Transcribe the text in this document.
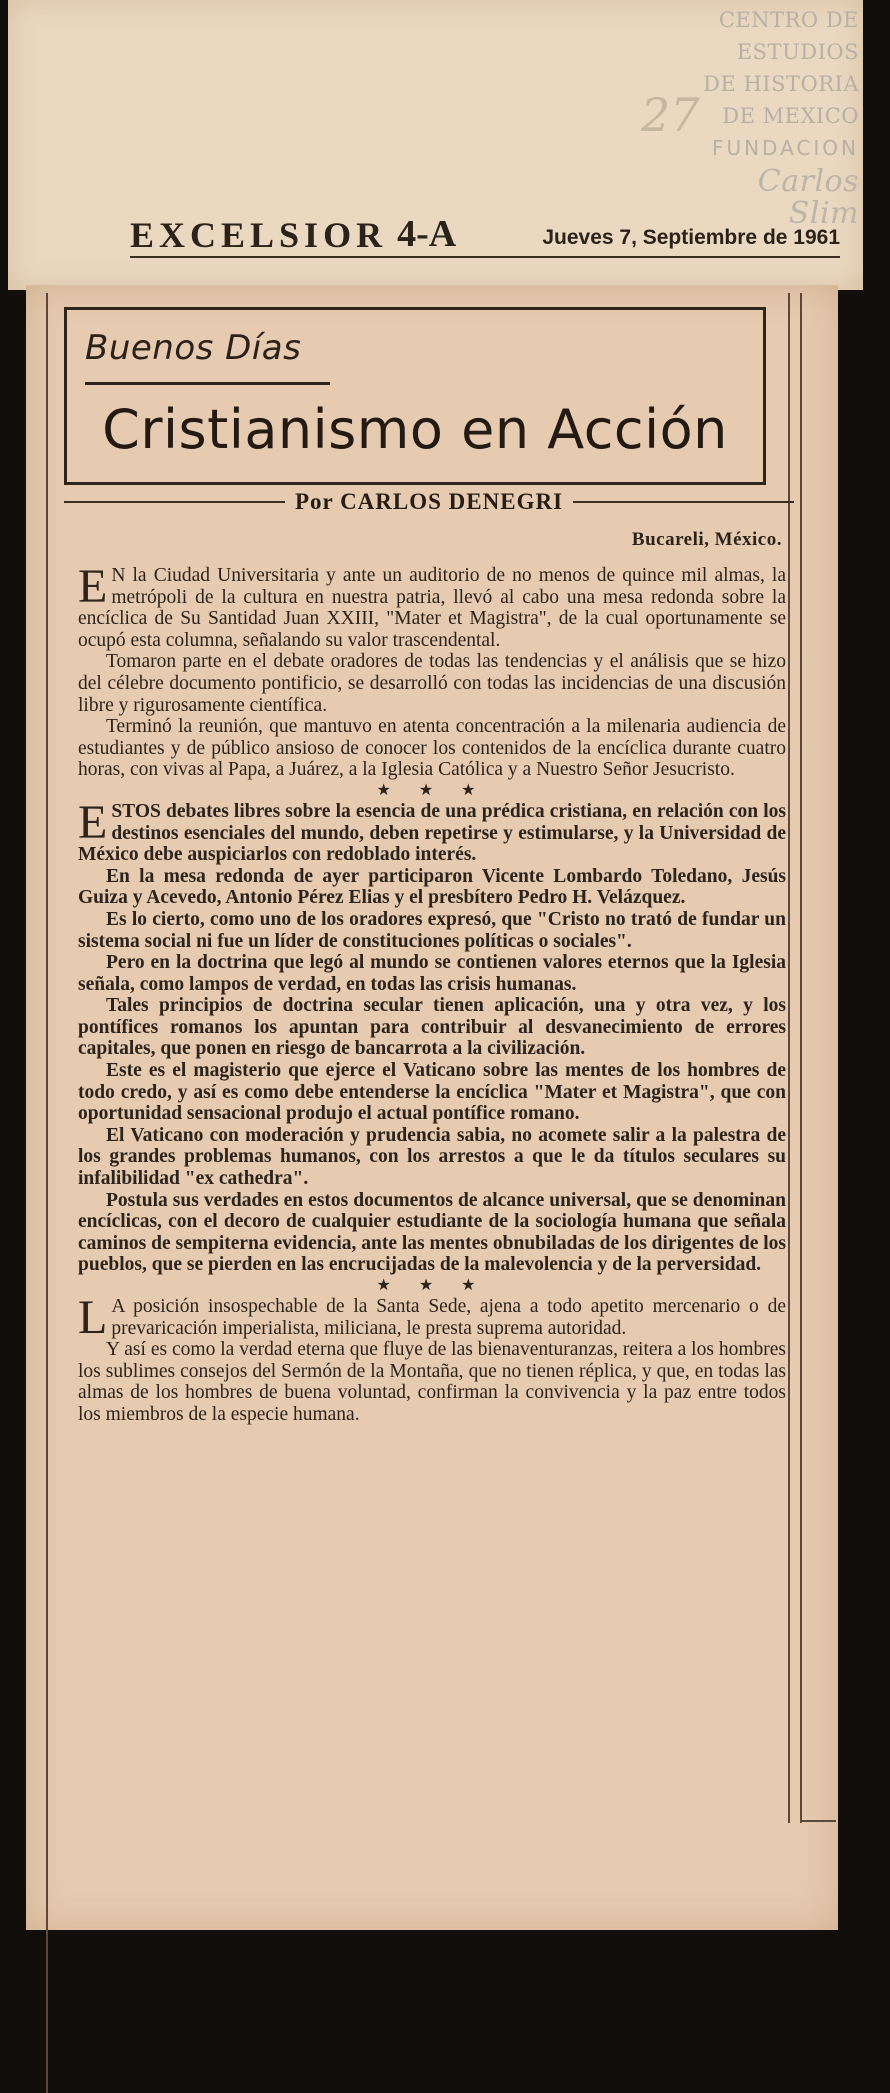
CENTRO DE
ESTUDIOS
DE HISTORIA
DE MEXICO
FUNDACION
Carlos Slim
27
EXCELSIOR 4-A	Jueves 7, Septiembre de 1961
Buenos Días
Cristianismo en Acción
Por CARLOS DENEGRI
Bucareli, México.

EN la Ciudad Universitaria y ante un auditorio de no menos de quince mil almas, la metrópoli de la cultura en nuestra patria, llevó al cabo una mesa redonda sobre la encíclica de Su Santidad Juan XXIII, "Mater et Magistra", de la cual oportunamente se ocupó esta columna, señalando su valor trascendental.

Tomaron parte en el debate oradores de todas las tendencias y el análisis que se hizo del célebre documento pontificio, se desarrolló con todas las incidencias de una discusión libre y rigurosamente científica.

Terminó la reunión, que mantuvo en atenta concentración a la milenaria audiencia de estudiantes y de público ansioso de conocer los contenidos de la encíclica durante cuatro horas, con vivas al Papa, a Juárez, a la Iglesia Católica y a Nuestro Señor Jesucristo.

★ ★ ★

ESTOS debates libres sobre la esencia de una prédica cristiana, en relación con los destinos esenciales del mundo, deben repetirse y estimularse, y la Universidad de México debe auspiciarlos con redoblado interés.

En la mesa redonda de ayer participaron Vicente Lombardo Toledano, Jesús Guiza y Acevedo, Antonio Pérez Elias y el presbítero Pedro H. Velázquez.

Es lo cierto, como uno de los oradores expresó, que "Cristo no trató de fundar un sistema social ni fue un líder de constituciones políticas o sociales".

Pero en la doctrina que legó al mundo se contienen valores eternos que la Iglesia señala, como lampos de verdad, en todas las crisis humanas.

Tales principios de doctrina secular tienen aplicación, una y otra vez, y los pontífices romanos los apuntan para contribuir al desvanecimiento de errores capitales, que ponen en riesgo de bancarrota a la civilización.

Este es el magisterio que ejerce el Vaticano sobre las mentes de los hombres de todo credo, y así es como debe entenderse la encíclica "Mater et Magistra", que con oportunidad sensacional produjo el actual pontífice romano.

El Vaticano con moderación y prudencia sabia, no acomete salir a la palestra de los grandes problemas humanos, con los arrestos a que le da títulos seculares su infalibilidad "ex cathedra".

Postula sus verdades en estos documentos de alcance universal, que se denominan encíclicas, con el decoro de cualquier estudiante de la sociología humana que señala caminos de sempiterna evidencia, ante las mentes obnubiladas de los dirigentes de los pueblos, que se pierden en las encrucijadas de la malevolencia y de la perversidad.

★ ★ ★

LA posición insospechable de la Santa Sede, ajena a todo apetito mercenario o de prevaricación imperialista, miliciana, le presta suprema autoridad.

Y así es como la verdad eterna que fluye de las bienaventuranzas, reitera a los hombres los sublimes consejos del Sermón de la Montaña, que no tienen réplica, y que, en todas las almas de los hombres de buena voluntad, confirman la convivencia y la paz entre todos los miembros de la especie humana.
